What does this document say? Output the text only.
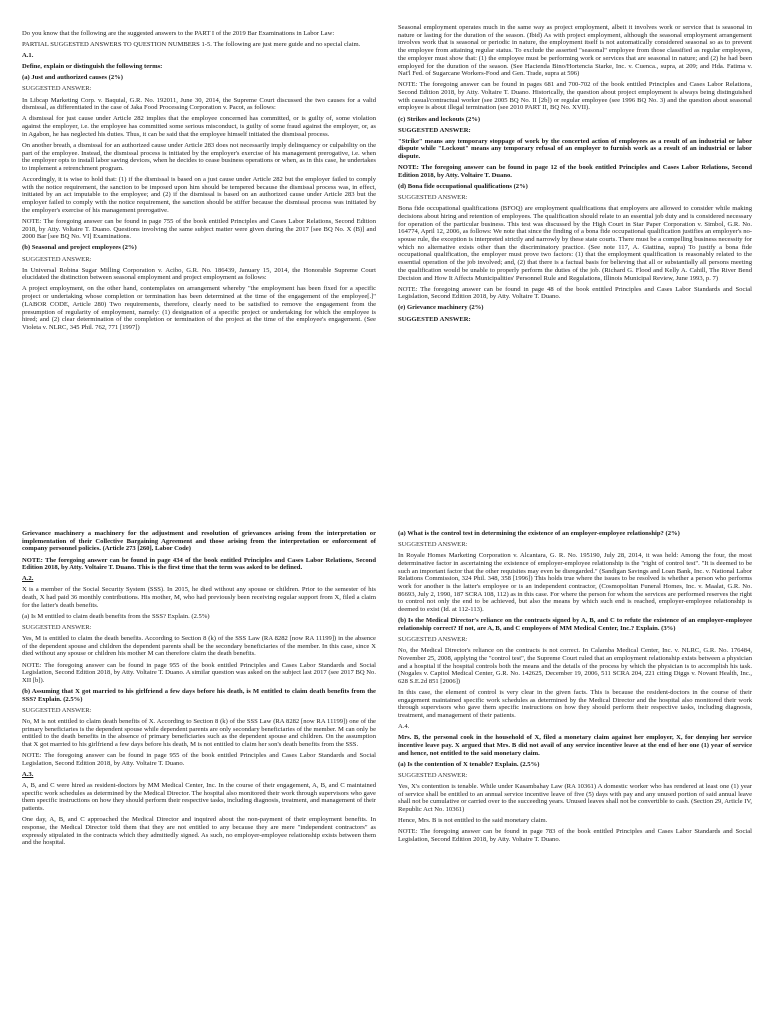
Do you know that the following are the suggested answers to the PART I of the 2019 Bar Examinations in Labor Law:

PARTIAL SUGGESTED ANSWERS TO QUESTION NUMBERS 1-5. The following are just mere guide and no special claim.

A.1.

Define, explain or distinguish the following terms:

(a) Just and authorized causes (2%)

SUGGESTED ANSWER:

In Libcap Marketing Corp. v. Baquial, G.R. No. 192011, June 30, 2014, the Supreme Court discussed the two causes for a valid dismissal, as differentiated in the case of Jaka Food Processing Corporation v. Pacot, as follows:

A dismissal for just cause under Article 282 implies that the employee concerned has committed, or is guilty of, some violation against the employer, i.e. the employee has committed some serious misconduct, is guilty of some fraud against the employer, or, as in Agabon, he has neglected his duties. Thus, it can be said that the employee himself initiated the dismissal process.

On another breath, a dismissal for an authorized cause under Article 283 does not necessarily imply delinquency or culpability on the part of the employee. Instead, the dismissal process is initiated by the employer's exercise of his management prerogative, i.e. when the employer opts to install labor saving devices, when he decides to cease business operations or when, as in this case, he undertakes to implement a retrenchment program.

Accordingly, it is wise to hold that: (1) if the dismissal is based on a just cause under Article 282 but the employer failed to comply with the notice requirement, the sanction to be imposed upon him should be tempered because the dismissal process was, in effect, initiated by an act imputable to the employee; and (2) if the dismissal is based on an authorized cause under Article 283 but the employer failed to comply with the notice requirement, the sanction should be stiffer because the dismissal process was initiated by the employer's exercise of his management prerogative.

NOTE: The foregoing answer can be found in page 755 of the book entitled Principles and Cases Labor Relations, Second Edition 2018, by Atty. Voltaire T. Duano. Questions involving the same subject matter were given during the 2017 [see BQ No. X (B)] and 2000 Bar [see BQ No. VI] Examinations.

(b) Seasonal and project employees (2%)

SUGGESTED ANSWER:

In Universal Robina Sugar Milling Corporation v. Acibo, G.R. No. 186439, January 15, 2014, the Honorable Supreme Court elucidated the distinction between seasonal employment and project employment as follows:

A project employment, on the other hand, contemplates on arrangement whereby "the employment has been fixed for a specific project or undertaking whose completion or termination has been determined at the time of the engagement of the employee[.]" (LABOR CODE, Article 280) Two requirements, therefore, clearly need to be satisfied to remove the engagement from the presumption of regularity of employment, namely: (1) designation of a specific project or undertaking for which the employee is hired; and (2) clear determination of the completion or termination of the project at the time of the employee's engagement. (See Violeta v. NLRC, 345 Phil. 762, 771 [1997])

Seasonal employment operates much in the same way as project employment, albeit it involves work or service that is seasonal in nature or lasting for the duration of the season. (Ibid) As with project employment, although the seasonal employment arrangement involves work that is seasonal or periodic in nature, the employment itself is not automatically considered seasonal so as to prevent the employee from attaining regular status. To exclude the asserted "seasonal" employee from those classified as regular employees, the employer must show that: (1) the employee must be performing work or services that are seasonal in nature; and (2) he had been employed for the duration of the season. (See Hacienda Bino/Hortencia Starke, Inc. v. Cuenca., supra, at 209; and Hda. Fatima v. Nat'l Fed. of Sugarcane Workers-Food and Gen. Trade, supra at 596)

NOTE: The foregoing answer can be found in pages 681 and 700-702 of the book entitled Principles and Cases Labor Relations, Second Edition 2018, by Atty. Voltaire T. Duano. Historically, the question about project employment is always being distinguished with casual/contractual worker (see 2005 BQ No. II [2b]) or regular employee (see 1996 BQ No. 3) and the question about seasonal employee is about illegal termination (see 2010 PART II, BQ No. XVII).

(c) Strikes and lockouts (2%)

SUGGESTED ANSWER:

"Strike" means any temporary stoppage of work by the concerted action of employees as a result of an industrial or labor dispute while "Lockout" means any temporary refusal of an employer to furnish work as a result of an industrial or labor dispute.

NOTE: The foregoing answer can be found in page 12 of the book entitled Principles and Cases Labor Relations, Second Edition 2018, by Atty. Voltaire T. Duano.

(d) Bona fide occupational qualifications (2%)

SUGGESTED ANSWER:

Bona fide occupational qualifications (BFOQ) are employment qualifications that employers are allowed to consider while making decisions about hiring and retention of employees. The qualification should relate to an essential job duty and is considered necessary for operation of the particular business. This test was discussed by the High Court in Star Paper Corporation v. Simbol, G.R. No. 164774, April 12, 2006, as follows: We note that since the finding of a bona fide occupational qualification justifies an employer's no-spouse rule, the exception is interpreted strictly and narrowly by these state courts. There must be a compelling business necessity for which no alternative exists other than the discriminatory practice. (See note 117, A. Giattina, supra) To justify a bona fide occupational qualification, the employer must prove two factors: (1) that the employment qualification is reasonably related to the essential operation of the job involved; and, (2) that there is a factual basis for believing that all or substantially all persons meeting the qualification would be unable to properly perform the duties of the job. (Richard G. Flood and Kelly A. Cahill, The River Bend Decision and How It Affects Municipalities' Personnel Rule and Regulations, Illinois Municipal Review, June 1993, p. 7)

NOTE: The foregoing answer can be found in page 48 of the book entitled Principles and Cases Labor Standards and Social Legislation, Second Edition 2018, by Atty. Voltaire T. Duano.

(e) Grievance machinery (2%)

SUGGESTED ANSWER:

Grievance machinery a machinery for the adjustment and resolution of grievances arising from the interpretation or implementation of their Collective Bargaining Agreement and those arising from the interpretation or enforcement of company personnel policies. (Article 273 [260], Labor Code)

NOTE: The foregoing answer can be found in page 434 of the book entitled Principles and Cases Labor Relations, Second Edition 2018, by Atty. Voltaire T. Duano. This is the first time that the term was asked to be defined.

A.2.

X is a member of the Social Security System (SSS). In 2015, he died without any spouse or children. Prior to the semester of his death, X had paid 36 monthly contributions. His mother, M, who had previously been receiving regular support from X, filed a claim for the latter's death benefits.

(a) Is M entitled to claim death benefits from the SSS? Explain. (2.5%)

SUGGESTED ANSWER:

Yes, M is entitled to claim the death benefits. According to Section 8 (k) of the SSS Law (RA 8282 [now RA 11199]) in the absence of the dependent spouse and children the dependent parents shall be the secondary beneficiaries of the member. In this case, since X died without any spouse or children his mother M can therefore claim the death benefits.

NOTE: The foregoing answer can be found in page 955 of the book entitled Principles and Cases Labor Standards and Social Legislation, Second Edition 2018, by Atty. Voltaire T. Duano. A similar question was asked on the subject last 2017 (see 2017 BQ No. XII [b]).

(b) Assuming that X got married to his girlfriend a few days before his death, is M entitled to claim death benefits from the SSS? Explain. (2.5%)

SUGGESTED ANSWER:

No, M is not entitled to claim death benefits of X. According to Section 8 (k) of the SSS Law (RA 8282 [now RA 11199]) one of the primary beneficiaries is the dependent spouse while dependent parents are only secondary beneficiaries of the member. M can only be entitled to the death benefits in the absence of primary beneficiaries such as the dependent spouse and children. On the assumption that X got married to his girlfriend a few days before his death, M is not entitled to claim her son's death benefits from the SSS.

NOTE: The foregoing answer can be found in page 955 of the book entitled Principles and Cases Labor Standards and Social Legislation, Second Edition 2018, by Atty. Voltaire T. Duano.

A.3.

A, B, and C were hired as resident-doctors by MM Medical Center, Inc. In the course of their engagement, A, B, and C maintained specific work schedules as determined by the Medical Director. The hospital also monitored their work through supervisors who gave them specific instructions on how they should perform their respective tasks, including diagnosis, treatment, and management of their patients.

One day, A, B, and C approached the Medical Director and inquired about the non-payment of their employment benefits. In response, the Medical Director told them that they are not entitled to any because they are mere "independent contractors" as expressly stipulated in the contracts which they admittedly signed. As such, no employer-employee relationship exists between them and the hospital.

(a) What is the control test in determining the existence of an employer-employee relationship? (2%)

SUGGESTED ANSWER:

In Royale Homes Marketing Corporation v. Alcantara, G. R. No. 195190, July 28, 2014, it was held: Among the four, the most determinative factor in ascertaining the existence of employer-employee relationship is the "right of control test". "It is deemed to be such an important factor that the other requisites may even be disregarded." (Sandigan Savings and Loan Bank, Inc. v. National Labor Relations Commission, 324 Phil. 348, 358 [1996]) This holds true where the issues to be resolved is whether a person who performs work for another is the latter's employee or is an independent contractor, (Cosmopolitan Funeral Homes, Inc. v. Maalat, G.R. No. 86693, July 2, 1990, 187 SCRA 108, 112) as in this case. For where the person for whom the services are performed reserves the right to control not only the end to be achieved, but also the means by which such end is reached, employer-employee relationship is deemed to exist (Id. at 112-113).

(b) Is the Medical Director's reliance on the contracts signed by A, B, and C to refute the existence of an employer-employee relationship correct? If not, are A, B, and C employees of MM Medical Center, Inc.? Explain. (3%)

SUGGESTED ANSWER:

No, the Medical Director's reliance on the contracts is not correct. In Calamba Medical Center, Inc. v. NLRC, G.R. No. 176484, November 25, 2008, applying the "control test", the Supreme Court ruled that an employment relationship exists between a physician and a hospital if the hospital controls both the means and the details of the process by which the physician is to accomplish his task. (Nogales v. Capitol Medical Center, G.R. No. 142625, December 19, 2006, 511 SCRA 204, 221 citing Diggs v. Novant Health, Inc., 628 S.E.2d 851 [2006])

In this case, the element of control is very clear in the given facts. This is because the resident-doctors in the course of their engagement maintained specific work schedules as determined by the Medical Director and the hospital also monitored their work through supervisors who gave them specific instructions on how they should perform their respective tasks, including diagnosis, treatment, and management of their patients.

A.4.

Mrs. B, the personal cook in the household of X, filed a monetary claim against her employer, X, for denying her service incentive leave pay. X argued that Mrs. B did not avail of any service incentive leave at the end of her one (1) year of service and hence, not entitled to the said monetary claim.

(a) Is the contention of X tenable? Explain. (2.5%)

SUGGESTED ANSWER:

Yes, X's contention is tenable. While under Kasambahay Law (RA 10361) A domestic worker who has rendered at least one (1) year of service shall be entitled to an annual service incentive leave of five (5) days with pay and any unused portion of said annual leave shall not be cumulative or carried over to the succeeding years. Unused leaves shall not be convertible to cash. (Section 29, Article IV, Republic Act No. 10361)

Hence, Mrs. B is not entitled to the said monetary claim.

NOTE: The foregoing answer can be found in page 783 of the book entitled Principles and Cases Labor Standards and Social Legislation, Second Edition 2018, by Atty. Voltaire T. Duano.
